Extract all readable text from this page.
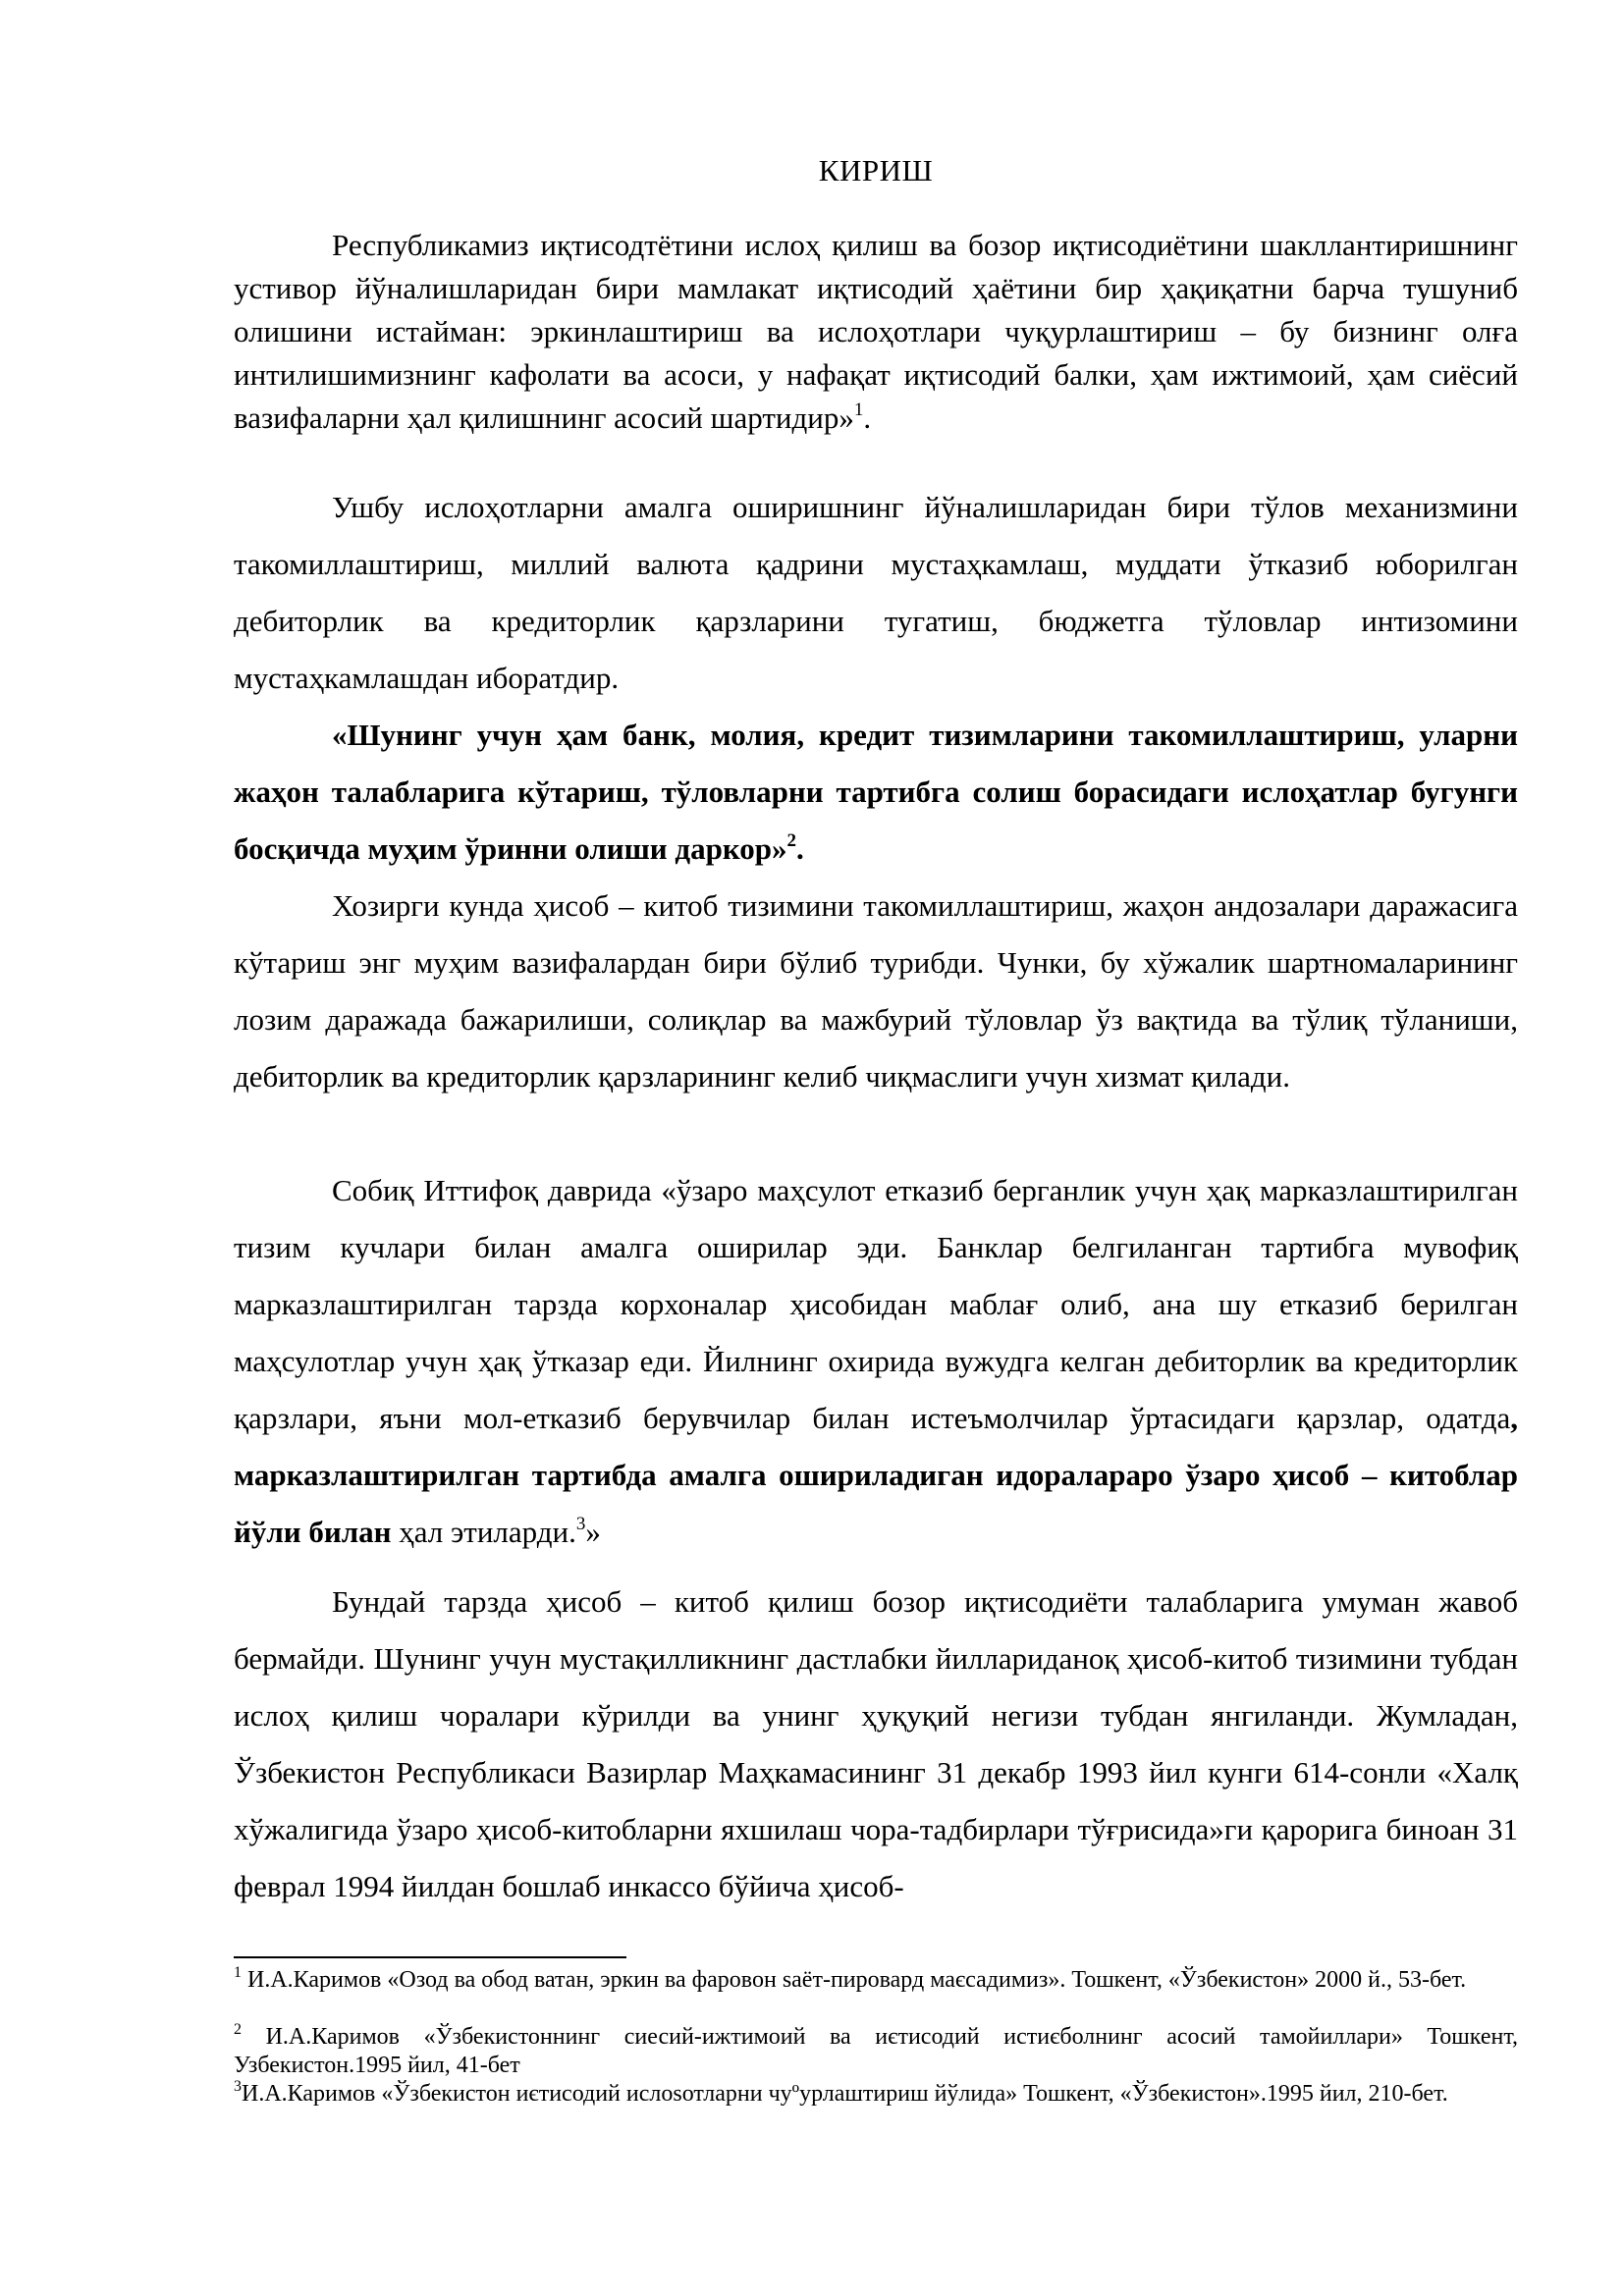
КИРИШ

Республикамиз иқтисодтётини ислоҳ қилиш ва бозор иқтисодиётини шакллантиришнинг устивор йўналишларидан бири мамлакат иқтисодий ҳаётини бир ҳақиқатни барча тушуниб олишини истайман: эркинлаштириш ва ислоҳотлари чуқурлаштириш – бу бизнинг олға интилишимизнинг кафолати ва асоси, у нафақат иқтисодий балки, ҳам ижтимоий, ҳам сиёсий вазифаларни ҳал қилишнинг асосий шартидир»$^1$.

Ушбу ислоҳотларни амалга оширишнинг йўналишларидан бири тўлов механизмини такомиллаштириш, миллий валюта қадрини мустаҳкамлаш, муддати ўтказиб юборилган дебиторлик ва кредиторлик қарзларини тугатиш, бюджетга тўловлар интизомини мустаҳкамлашдан иборатдир.

«Шунинг учун ҳам банк, молия, кредит тизимларини такомиллаштириш, уларни жаҳон талабларига кўтариш, тўловларни тартибга солиш борасидаги ислоҳатлар бугунги босқичда муҳим ўринни олиши даркор»$^2$.

Хозирги кунда ҳисоб – китоб тизимини такомиллаштириш, жаҳон андозалари даражасига кўтариш энг муҳим вазифалардан бири бўлиб турибди. Чунки, бу хўжалик шартномаларининг лозим даражада бажарилиши, солиқлар ва мажбурий тўловлар ўз вақтида ва тўлиқ тўланиши, дебиторлик ва кредиторлик қарзларининг келиб чиқмаслиги учун хизмат қилади.

Собиқ Иттифоқ даврида «ўзаро маҳсулот етказиб берганлик учун ҳақ марказлаштирилган тизим кучлари билан амалга оширилар эди. Банклар белгиланган тартибга мувофиқ марказлаштирилган тарзда корхоналар ҳисобидан маблағ олиб, ана шу етказиб берилган маҳсулотлар учун ҳақ ўтказар еди. Йилнинг охирида вужудга келган дебиторлик ва кредиторлик қарзлари, яъни мол-етказиб берувчилар билан истеъмолчилар ўртасидаги қарзлар, одатда, марказлаштирилган тартибда амалга ошириладиган идоралараро ўзаро ҳисоб – китоблар йўли билан ҳал этиларди.$^3$»

Бундай тарзда ҳисоб – китоб қилиш бозор иқтисодиёти талабларига умуман жавоб бермайди. Шунинг учун мустақилликнинг дастлабки йиллариданоқ ҳисоб-китоб тизимини тубдан ислоҳ қилиш чоралари кўрилди ва унинг ҳуқуқий негизи тубдан янгиланди. Жумладан, Ўзбекистон Республикаси Вазирлар Маҳкамасининг 31 декабр 1993 йил кунги 614-сонли «Халқ хўжалигида ўзаро ҳисоб-китобларни яхшилаш чора-тадбирлари тўғрисида»ги қарорига биноан 31 феврал 1994 йилдан бошлаб инкассо бўйича ҳисоб-

$^1$ И.А.Каримов «Озод ва обод ватан, эркин ва фаровон sаёт-пировард маєсадимиз». Тошкент, «Ўзбекистон» 2000 й., 53-бет.

$^2$ И.А.Каримов «Ўзбекистоннинг сиесий-ижтимоий ва иєтисодий истиєболнинг асосий тамойиллари» Тошкент, Узбекистон.1995 йил, 41-бет

$^3$И.А.Каримов «Ўзбекистон иєтисодий ислоsотларни чуºурлаштириш йўлида» Тошкент, «Ўзбекистон».1995 йил, 210-бет.
